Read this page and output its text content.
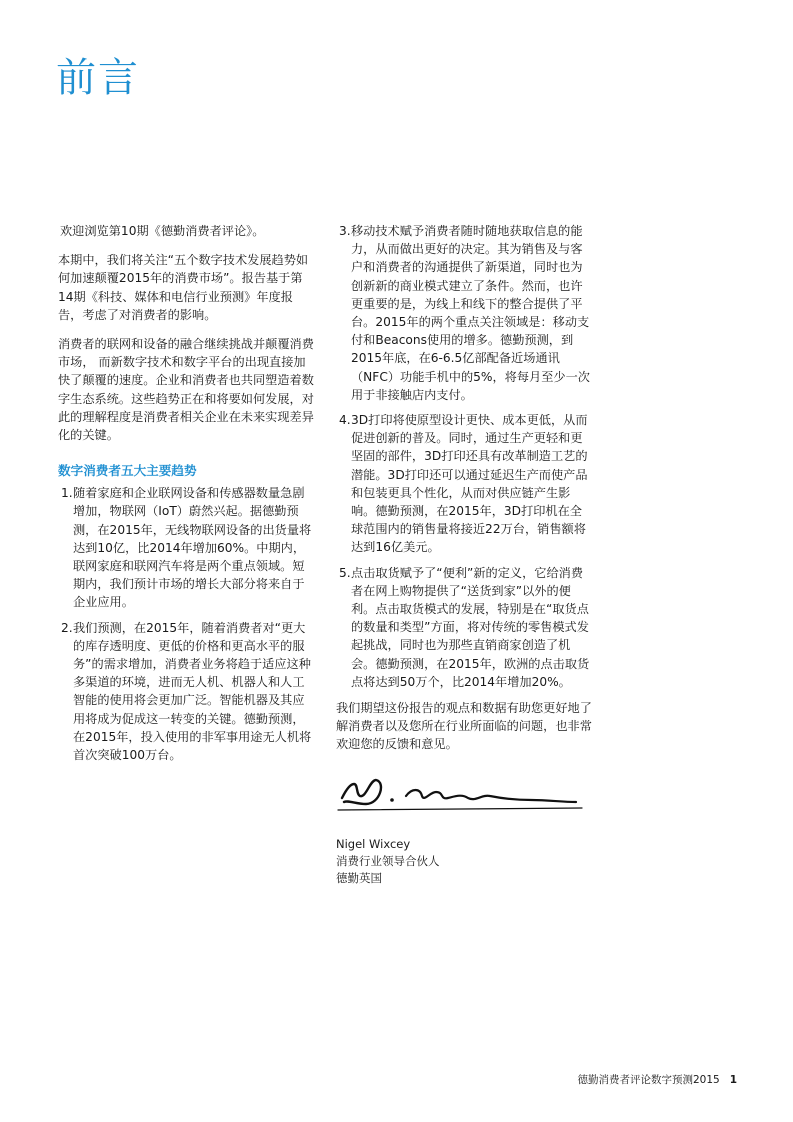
前言

欢迎浏览第10期《德勤消费者评论》。

本期中，我们将关注“五个数字技术发展趋势如何加速颠覆2015年的消费市场”。报告基于第14期《科技、媒体和电信行业预测》年度报告，考虑了对消费者的影响。

消费者的联网和设备的融合继续挑战并颠覆消费市场， 而新数字技术和数字平台的出现直接加快了颠覆的速度。企业和消费者也共同塑造着数字生态系统。这些趋势正在和将要如何发展，对此的理解程度是消费者相关企业在未来实现差异化的关键。

数字消费者五大主要趋势
1. 随着家庭和企业联网设备和传感器数量急剧增加，物联网（IoT）蔚然兴起。据德勤预测，在2015年，无线物联网设备的出货量将达到10亿，比2014年增加60%。中期内，联网家庭和联网汽车将是两个重点领域。短期内，我们预计市场的增长大部分将来自于企业应用。
2. 我们预测，在2015年，随着消费者对“更大的库存透明度、更低的价格和更高水平的服务”的需求增加，消费者业务将趋于适应这种多渠道的环境，进而无人机、机器人和人工智能的使用将会更加广泛。智能机器及其应用将成为促成这一转变的关键。德勤预测，在2015年，投入使用的非军事用途无人机将首次突破100万台。
3. 移动技术赋予消费者随时随地获取信息的能力，从而做出更好的决定。其为销售及与客户和消费者的沟通提供了新渠道，同时也为创新新的商业模式建立了条件。然而，也许更重要的是，为线上和线下的整合提供了平台。2015年的两个重点关注领域是：移动支付和Beacons使用的增多。德勤预测，到2015年底，在6-6.5亿部配备近场通讯（NFC）功能手机中的5%，将每月至少一次用于非接触店内支付。
4. 3D打印将使原型设计更快、成本更低，从而促进创新的普及。同时，通过生产更轻和更坚固的部件，3D打印还具有改革制造工艺的潜能。3D打印还可以通过延迟生产而使产品和包装更具个性化，从而对供应链产生影响。德勤预测，在2015年，3D打印机在全球范围内的销售量将接近22万台，销售额将达到16亿美元。
5. 点击取货赋予了“便利”新的定义，它给消费者在网上购物提供了“送货到家”以外的便利。点击取货模式的发展，特别是在“取货点的数量和类型”方面，将对传统的零售模式发起挑战，同时也为那些直销商家创造了机会。德勤预测，在2015年，欧洲的点击取货点将达到50万个，比2014年增加20%。

我们期望这份报告的观点和数据有助您更好地了解消费者以及您所在行业所面临的问题，也非常欢迎您的反馈和意见。

Nigel Wixcey
消费行业领导合伙人
德勤英国
德勤消费者评论数字预测2015 1
